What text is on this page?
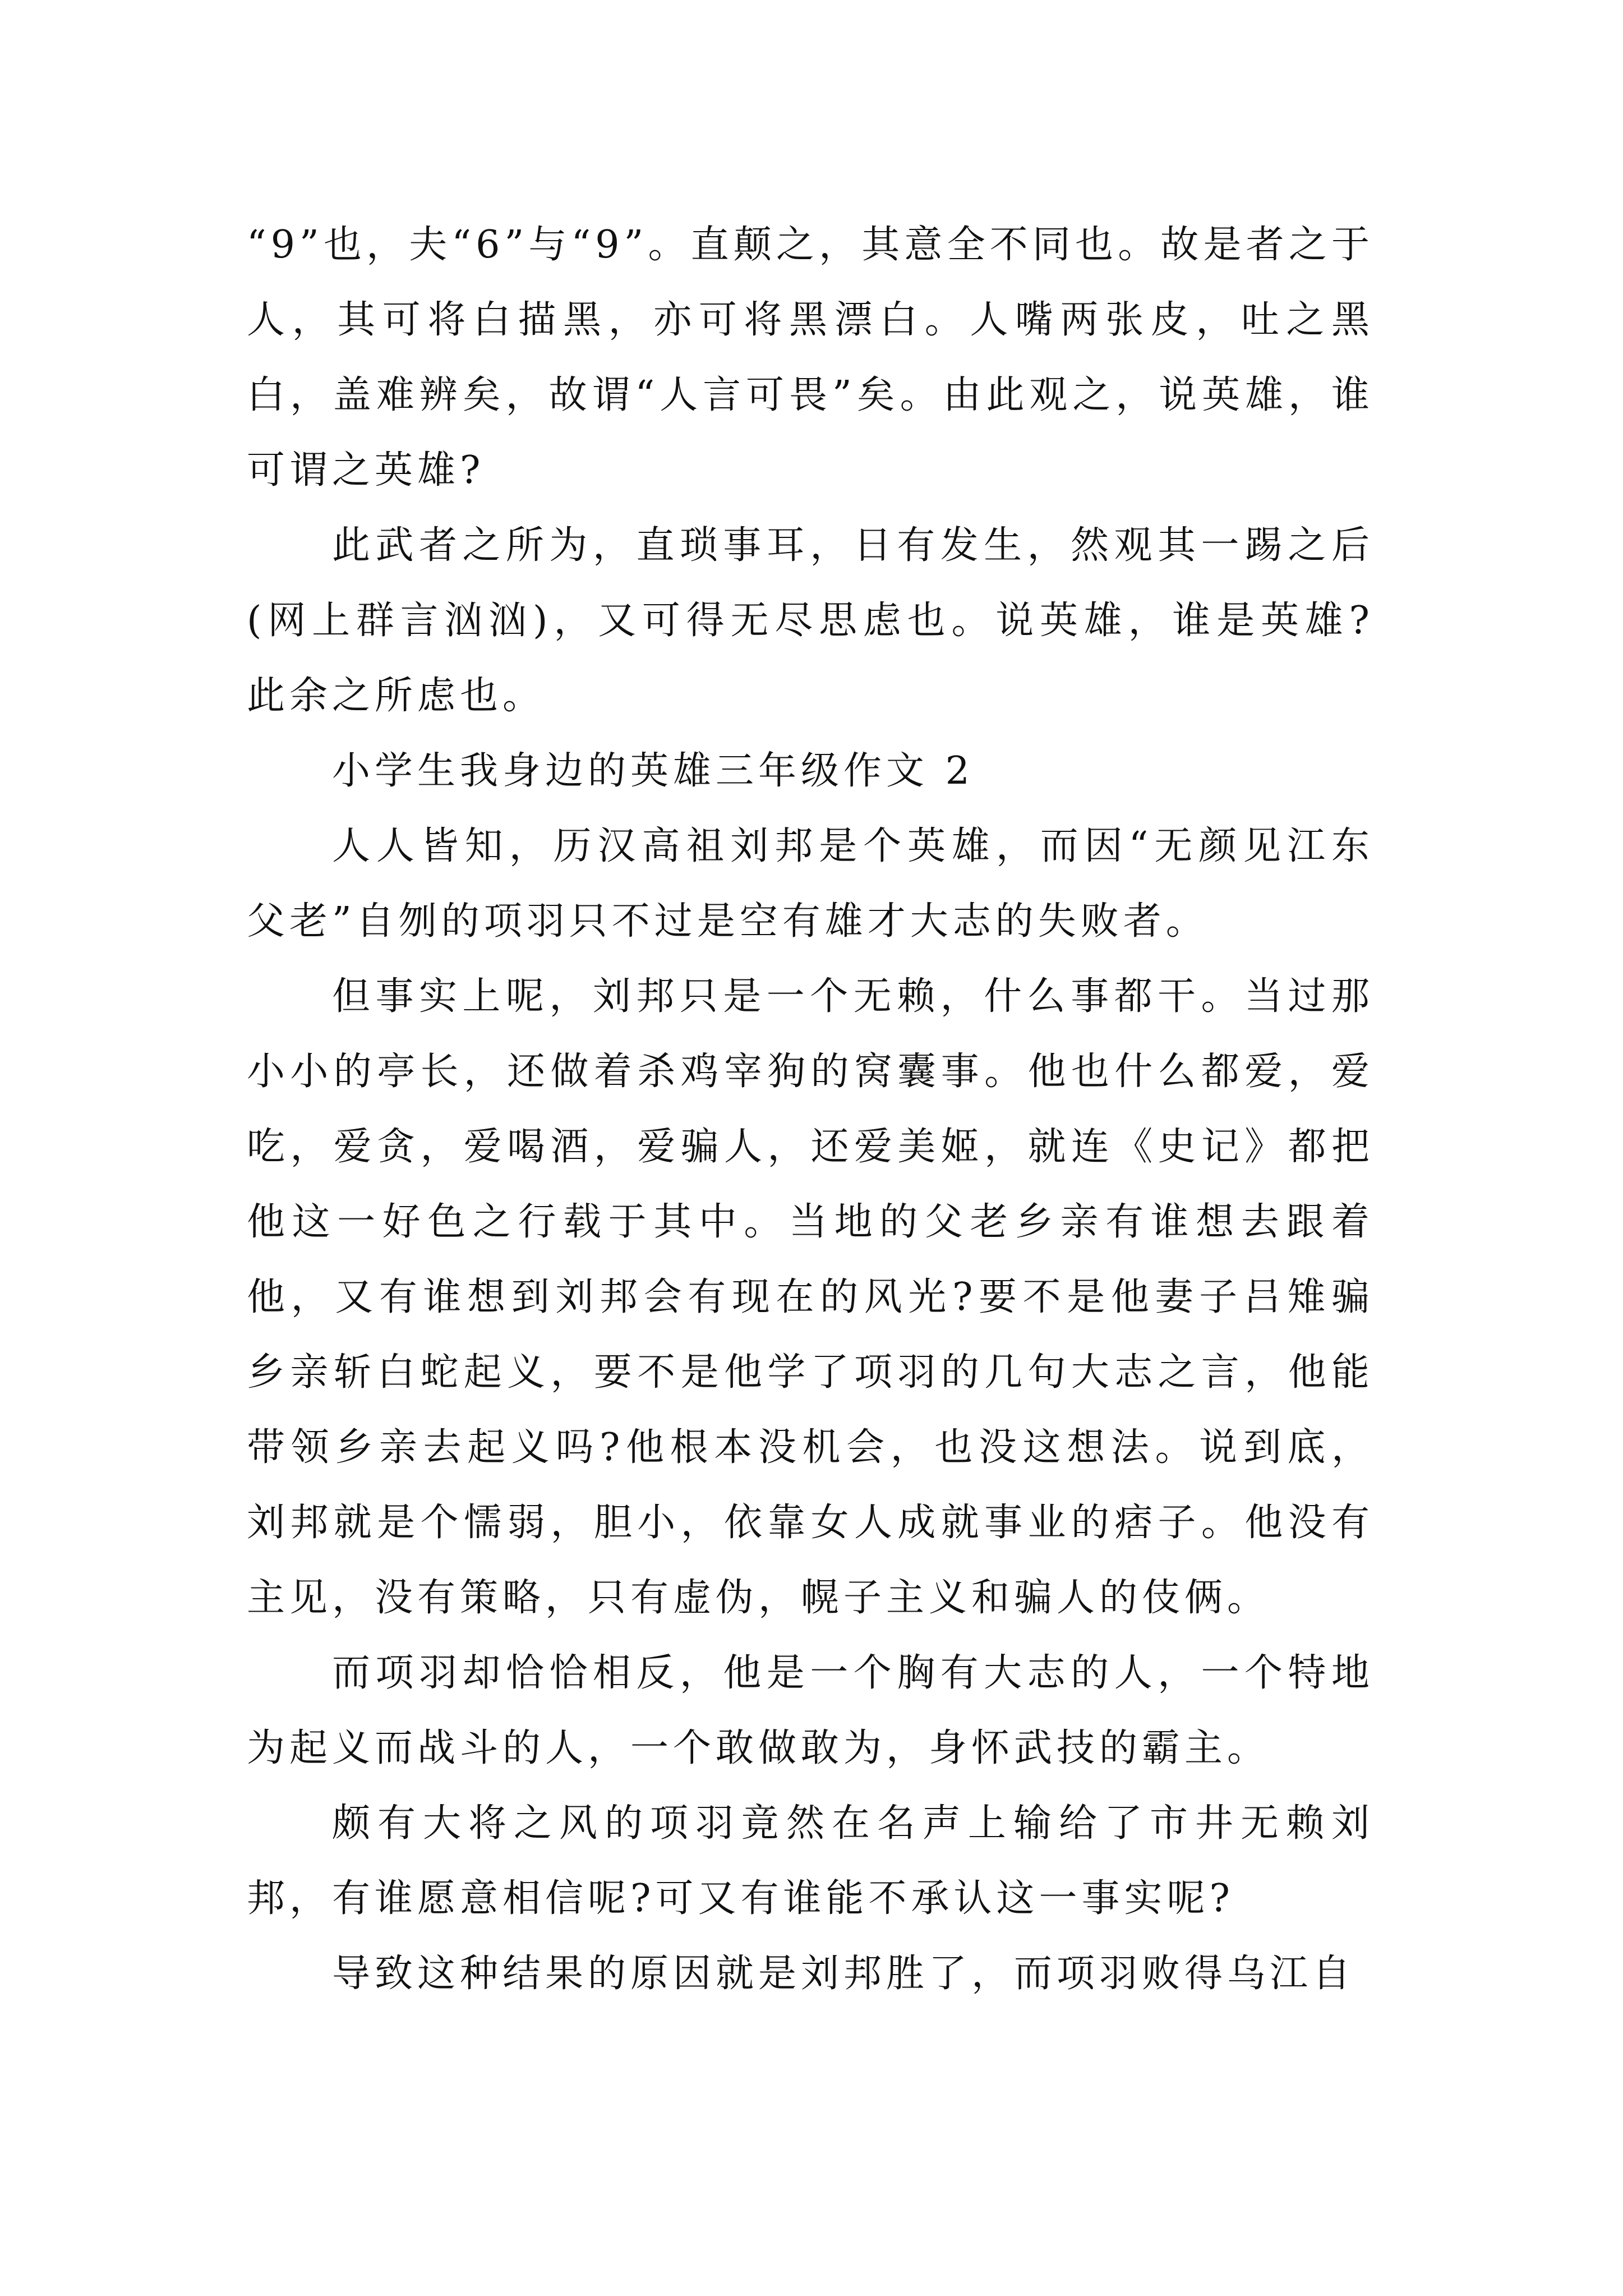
“9”也，夫“6”与“9”。直颠之，其意全不同也。故是者之于人，其可将白描黑，亦可将黑漂白。人嘴两张皮，吐之黑白，盖难辨矣，故谓“人言可畏”矣。由此观之，说英雄，谁可谓之英雄?

此武者之所为，直琐事耳，日有发生，然观其一踢之后(网上群言汹汹)，又可得无尽思虑也。说英雄，谁是英雄?此余之所虑也。

小学生我身边的英雄三年级作文 2

人人皆知，历汉高祖刘邦是个英雄，而因“无颜见江东父老”自刎的项羽只不过是空有雄才大志的失败者。

但事实上呢，刘邦只是一个无赖，什么事都干。当过那小小的亭长，还做着杀鸡宰狗的窝囊事。他也什么都爱，爱吃，爱贪，爱喝酒，爱骗人，还爱美姬，就连《史记》都把他这一好色之行载于其中。当地的父老乡亲有谁想去跟着他，又有谁想到刘邦会有现在的风光?要不是他妻子吕雉骗乡亲斩白蛇起义，要不是他学了项羽的几句大志之言，他能带领乡亲去起义吗?他根本没机会，也没这想法。说到底，刘邦就是个懦弱，胆小，依靠女人成就事业的痞子。他没有主见，没有策略，只有虚伪，幌子主义和骗人的伎俩。

而项羽却恰恰相反，他是一个胸有大志的人，一个特地为起义而战斗的人，一个敢做敢为，身怀武技的霸主。

颇有大将之风的项羽竟然在名声上输给了市井无赖刘邦，有谁愿意相信呢?可又有谁能不承认这一事实呢?

导致这种结果的原因就是刘邦胜了，而项羽败得乌江自
